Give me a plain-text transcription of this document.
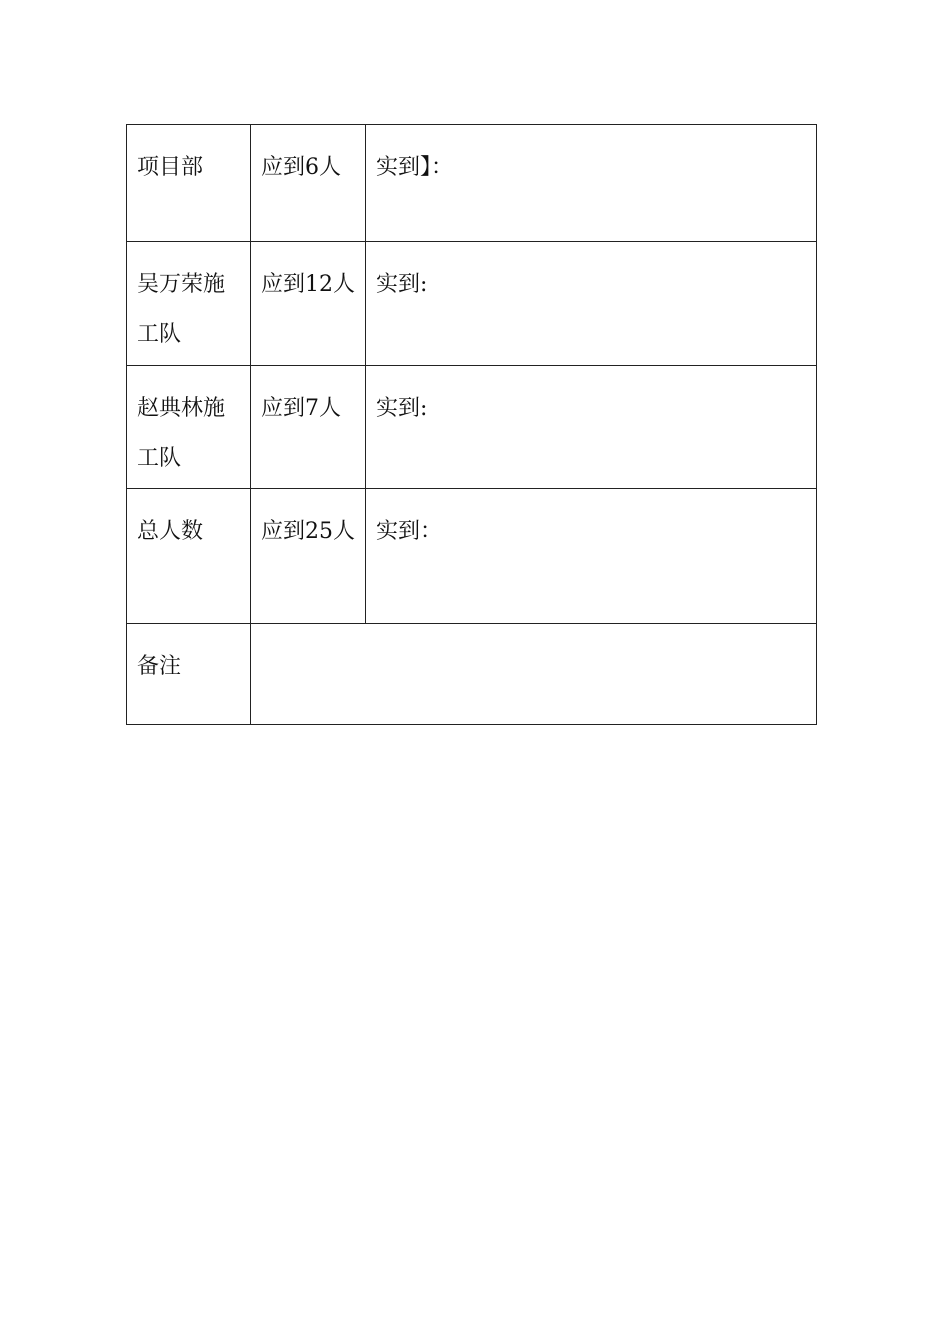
项目部	应到6人	实到】：
吴万荣施工队	应到12人	实到:
赵典林施工队	应到7人	实到:
总人数	应到25人	实到：
备注		
